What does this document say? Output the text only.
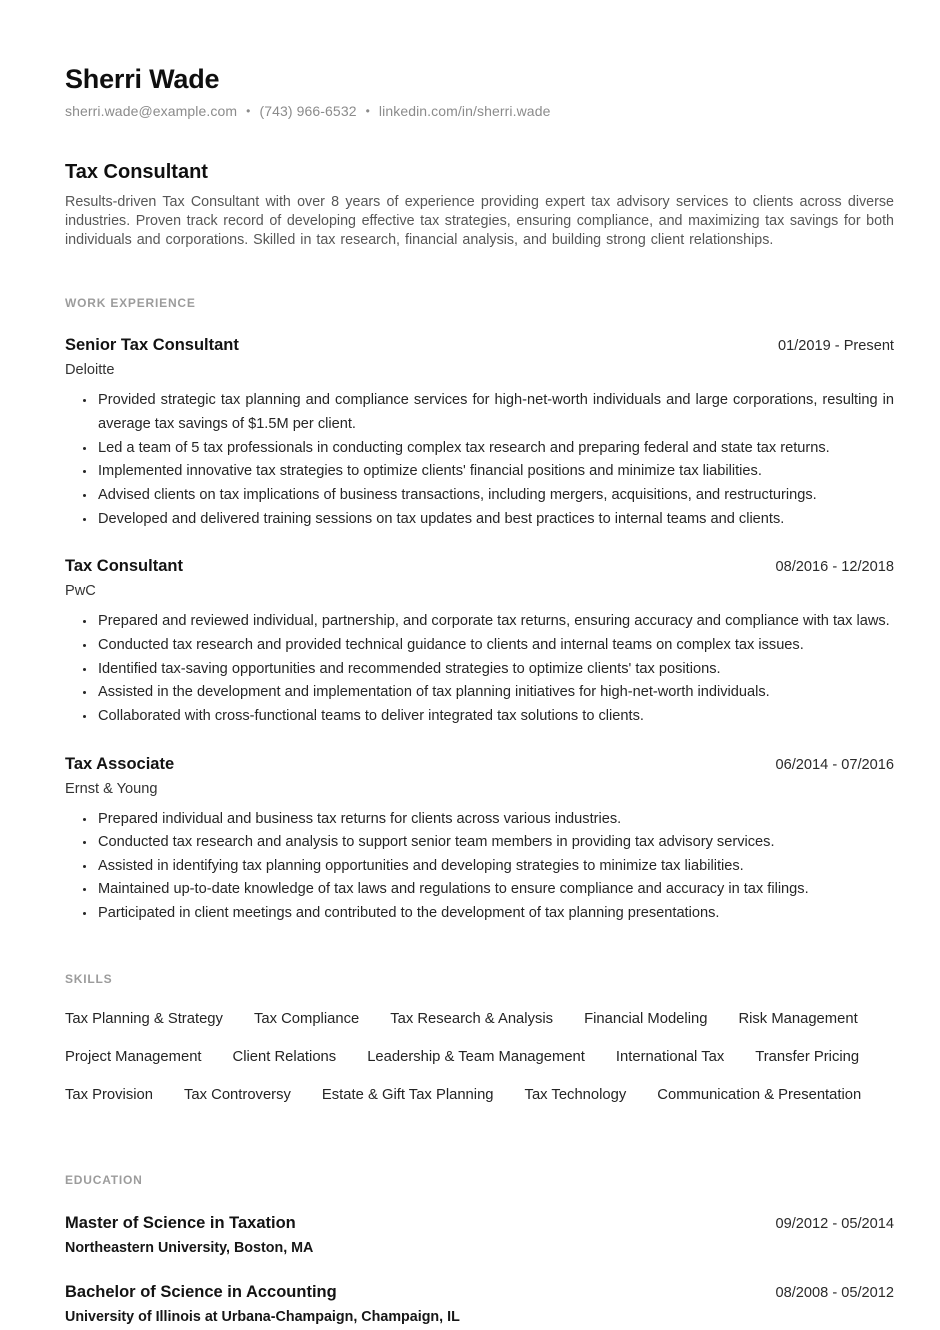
Sherri Wade
sherri.wade@example.com • (743) 966-6532 • linkedin.com/in/sherri.wade
Tax Consultant

Results-driven Tax Consultant with over 8 years of experience providing expert tax advisory services to clients across diverse industries. Proven track record of developing effective tax strategies, ensuring compliance, and maximizing tax savings for both individuals and corporations. Skilled in tax research, financial analysis, and building strong client relationships.

WORK EXPERIENCE
Senior Tax Consultant	01/2019 - Present
Deloitte
• Provided strategic tax planning and compliance services for high-net-worth individuals and large corporations, resulting in average tax savings of $1.5M per client.
• Led a team of 5 tax professionals in conducting complex tax research and preparing federal and state tax returns.
• Implemented innovative tax strategies to optimize clients' financial positions and minimize tax liabilities.
• Advised clients on tax implications of business transactions, including mergers, acquisitions, and restructurings.
• Developed and delivered training sessions on tax updates and best practices to internal teams and clients.
Tax Consultant	08/2016 - 12/2018
PwC
• Prepared and reviewed individual, partnership, and corporate tax returns, ensuring accuracy and compliance with tax laws.
• Conducted tax research and provided technical guidance to clients and internal teams on complex tax issues.
• Identified tax-saving opportunities and recommended strategies to optimize clients' tax positions.
• Assisted in the development and implementation of tax planning initiatives for high-net-worth individuals.
• Collaborated with cross-functional teams to deliver integrated tax solutions to clients.
Tax Associate	06/2014 - 07/2016
Ernst & Young
• Prepared individual and business tax returns for clients across various industries.
• Conducted tax research and analysis to support senior team members in providing tax advisory services.
• Assisted in identifying tax planning opportunities and developing strategies to minimize tax liabilities.
• Maintained up-to-date knowledge of tax laws and regulations to ensure compliance and accuracy in tax filings.
• Participated in client meetings and contributed to the development of tax planning presentations.
SKILLS
Tax Planning & Strategy Tax Compliance Tax Research & Analysis Financial Modeling Risk Management
Project Management Client Relations Leadership & Team Management International Tax Transfer Pricing
Tax Provision Tax Controversy Estate & Gift Tax Planning Tax Technology Communication & Presentation
EDUCATION
Master of Science in Taxation	09/2012 - 05/2014
Northeastern University, Boston, MA
Bachelor of Science in Accounting	08/2008 - 05/2012
University of Illinois at Urbana-Champaign, Champaign, IL
